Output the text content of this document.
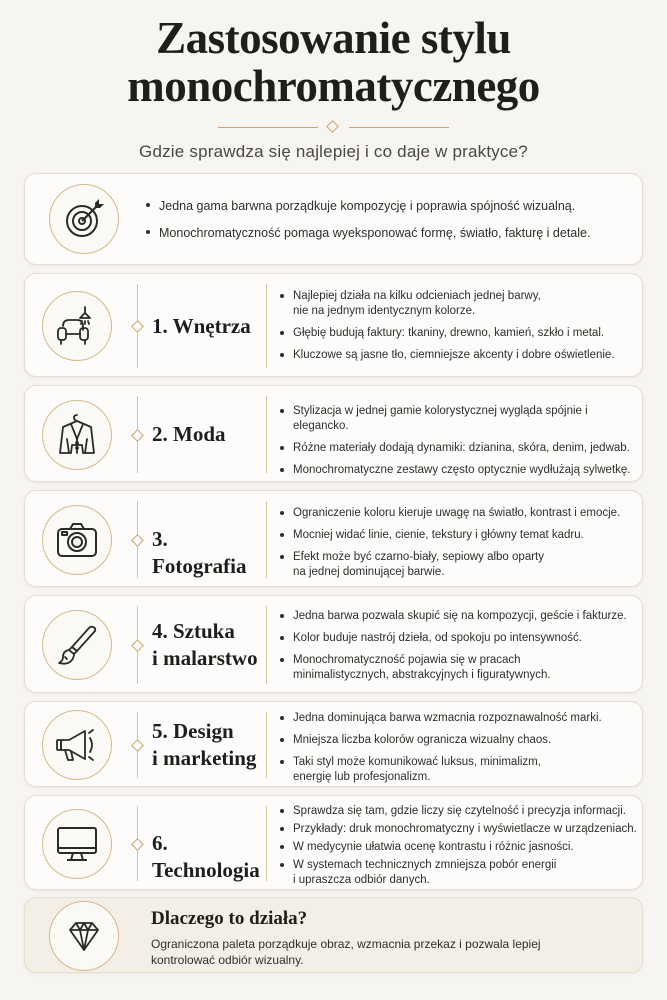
Zastosowanie stylu
monochromatycznego
Gdzie sprawdza się najlepiej i co daje w praktyce?
Jedna gama barwna porządkuje kompozycję i poprawia spójność wizualną.
Monochromatyczność pomaga wyeksponować formę, światło, fakturę i detale.
1. Wnętrza
Najlepiej działa na kilku odcieniach jednej barwy,
nie na jednym identycznym kolorze.
Głębię budują faktury: tkaniny, drewno, kamień, szkło i metal.
Kluczowe są jasne tło, ciemniejsze akcenty i dobre oświetlenie.
2. Moda
Stylizacja w jednej gamie kolorystycznej wygląda spójnie i elegancko.
Różne materiały dodają dynamiki: dzianina, skóra, denim, jedwab.
Monochromatyczne zestawy często optycznie wydłużają sylwetkę.
3. Fotografia
Ograniczenie koloru kieruje uwagę na światło, kontrast i emocje.
Mocniej widać linie, cienie, tekstury i główny temat kadru.
Efekt może być czarno-biały, sepiowy albo oparty
na jednej dominującej barwie.
4. Sztuka
i malarstwo
Jedna barwa pozwala skupić się na kompozycji, geście i fakturze.
Kolor buduje nastrój dzieła, od spokoju po intensywność.
Monochromatyczność pojawia się w pracach
minimalistycznych, abstrakcyjnych i figuratywnych.
5. Design
i marketing
Jedna dominująca barwa wzmacnia rozpoznawalność marki.
Mniejsza liczba kolorów ogranicza wizualny chaos.
Taki styl może komunikować luksus, minimalizm,
energię lub profesjonalizm.
6. Technologia
Sprawdza się tam, gdzie liczy się czytelność i precyzja informacji.
Przykłady: druk monochromatyczny i wyświetlacze w urządzeniach.
W medycynie ułatwia ocenę kontrastu i różnic jasności.
W systemach technicznych zmniejsza pobór energii
i upraszcza odbiór danych.
Dlaczego to działa?
Ograniczona paleta porządkuje obraz, wzmacnia przekaz i pozwala lepiej
kontrolować odbiór wizualny.
